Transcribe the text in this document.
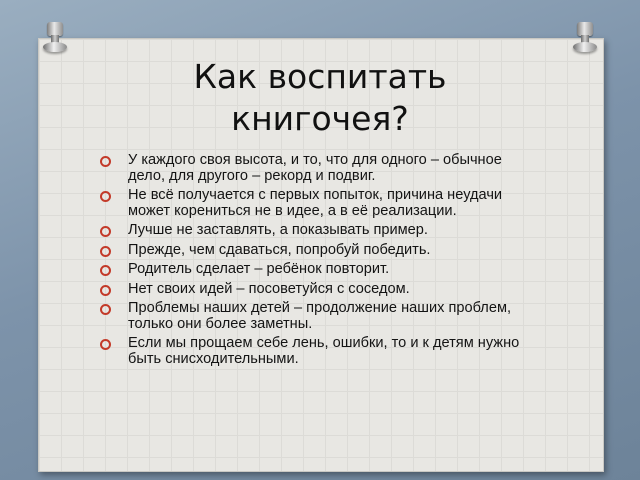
Как воспитать
книгочея?
У каждого своя высота, и то, что для одного – обычное дело, для другого – рекорд и подвиг.
Не всё получается с первых попыток, причина неудачи может корениться не в идее, а в её реализации.
Лучше не заставлять, а показывать пример.
Прежде, чем сдаваться, попробуй победить.
Родитель сделает – ребёнок повторит.
Нет своих идей – посоветуйся с соседом.
Проблемы наших детей – продолжение наших проблем, только они более заметны.
Если мы прощаем себе лень, ошибки, то и к детям нужно быть снисходительными.
